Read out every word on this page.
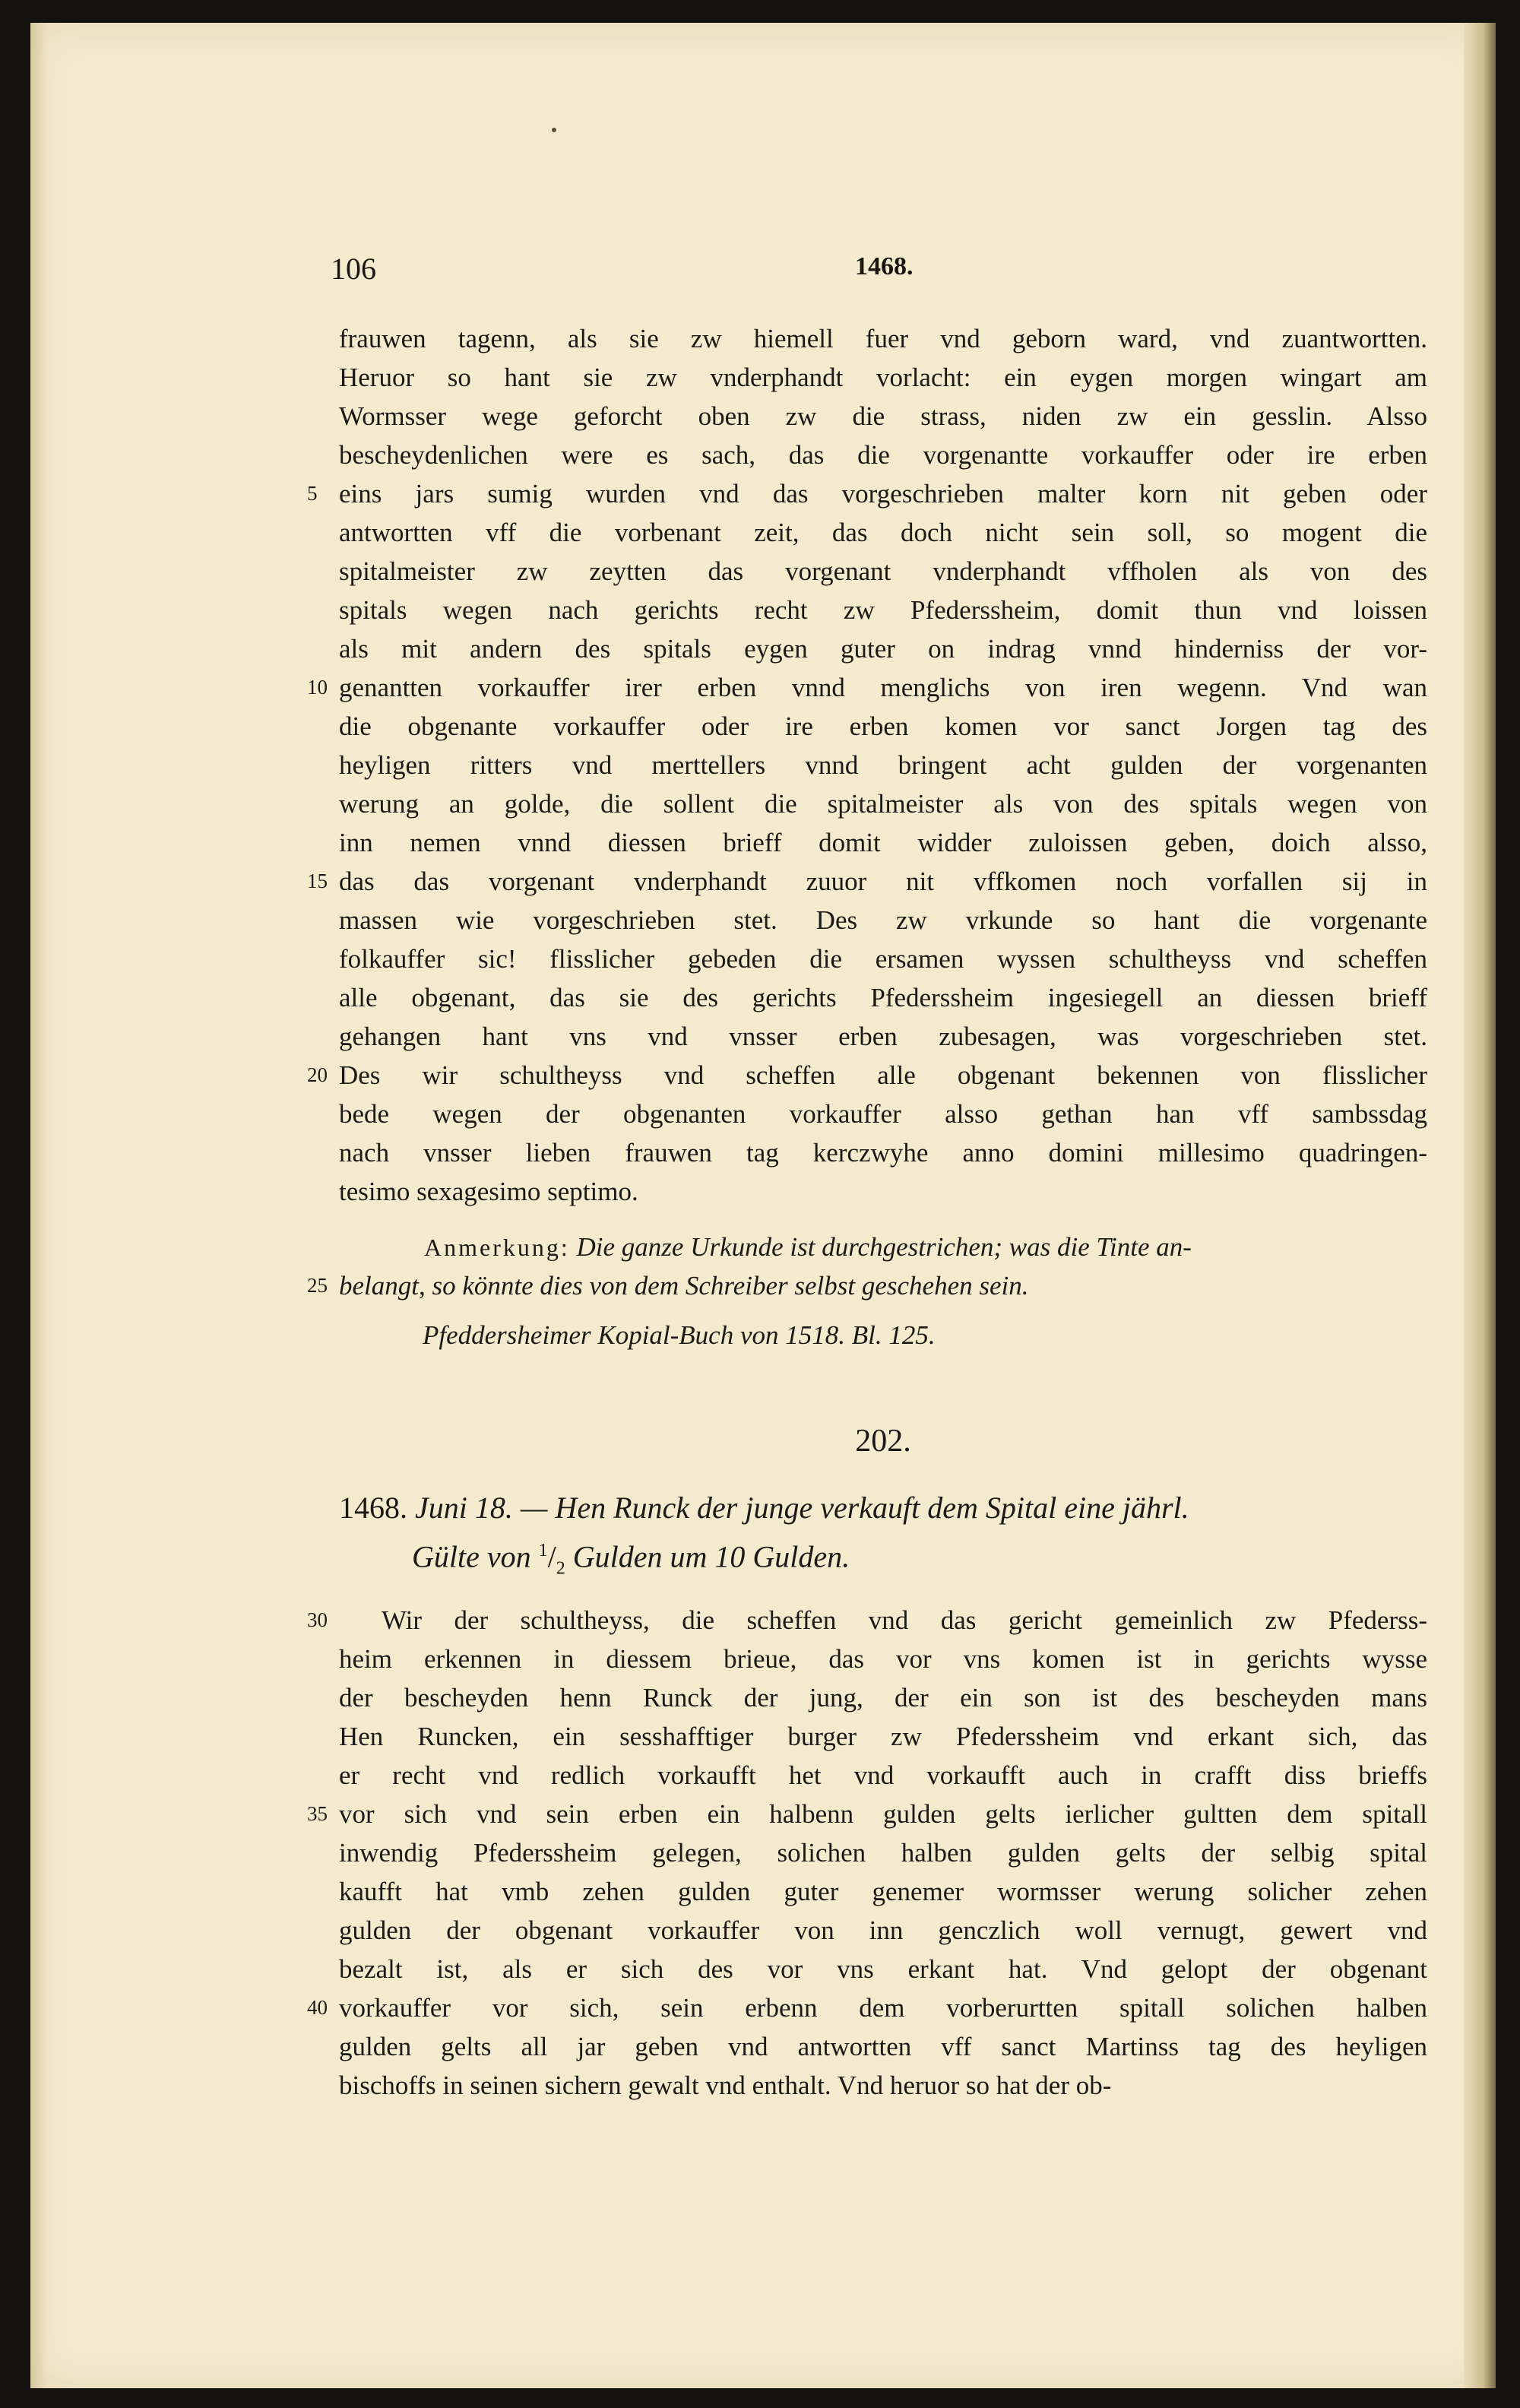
106	1468.
frauwen tagenn, als sie zw hiemell fuer vnd geborn ward, vnd zuantwortten.
Heruor so hant sie zw vnderphandt vorlacht: ein eygen morgen wingart am
Wormsser wege geforcht oben zw die strass, niden zw ein gesslin. Alsso
bescheydenlichen were es sach, das die vorgenantte vorkauffer oder ire erben
5 eins jars sumig wurden vnd das vorgeschrieben malter korn nit geben oder
antwortten vff die vorbenant zeit, das doch nicht sein soll, so mogent die
spitalmeister zw zeytten das vorgenant vnderphandt vffholen als von des
spitals wegen nach gerichts recht zw Pfederssheim, domit thun vnd loissen
als mit andern des spitals eygen guter on indrag vnnd hinderniss der vor-
10 genantten vorkauffer irer erben vnnd menglichs von iren wegenn. Vnd wan
die obgenante vorkauffer oder ire erben komen vor sanct Jorgen tag des
heyligen ritters vnd merttellers vnnd bringent acht gulden der vorgenanten
werung an golde, die sollent die spitalmeister als von des spitals wegen von
inn nemen vnnd diessen brieff domit widder zuloissen geben, doich alsso,
15 das das vorgenant vnderphandt zuuor nit vffkomen noch vorfallen sij in
massen wie vorgeschrieben stet. Des zw vrkunde so hant die vorgenante
folkauffer sic! flisslicher gebeden die ersamen wyssen schultheyss vnd scheffen
alle obgenant, das sie des gerichts Pfederssheim ingesiegell an diessen brieff
gehangen hant vns vnd vnsser erben zubesagen, was vorgeschrieben stet.
20 Des wir schultheyss vnd scheffen alle obgenant bekennen von flisslicher
bede wegen der obgenanten vorkauffer alsso gethan han vff sambssdag
nach vnsser lieben frauwen tag kerczwyhe anno domini millesimo quadringen-
tesimo sexagesimo septimo.
Anmerkung: Die ganze Urkunde ist durchgestrichen; was die Tinte an-
25 belangt, so könnte dies von dem Schreiber selbst geschehen sein.
Pfeddersheimer Kopial-Buch von 1518. Bl. 125.
202.
1468. Juni 18. — Hen Runck der junge verkauft dem Spital eine jährl.
Gülte von $^1/_2$ Gulden um 10 Gulden.
30	Wir der schultheyss, die scheffen vnd das gericht gemeinlich zw Pfederss-
heim erkennen in diessem brieue, das vor vns komen ist in gerichts wysse
der bescheyden henn Runck der jung, der ein son ist des bescheyden mans
Hen Runcken, ein sesshafftiger burger zw Pfederssheim vnd erkant sich, das
er recht vnd redlich vorkaufft het vnd vorkaufft auch in crafft diss brieffs
35 vor sich vnd sein erben ein halbenn gulden gelts ierlicher gultten dem spitall
inwendig Pfederssheim gelegen, solichen halben gulden gelts der selbig spital
kaufft hat vmb zehen gulden guter genemer wormsser werung solicher zehen
gulden der obgenant vorkauffer von inn genczlich woll vernugt, gewert vnd
bezalt ist, als er sich des vor vns erkant hat. Vnd gelopt der obgenant
40 vorkauffer vor sich, sein erbenn dem vorberurtten spitall solichen halben
gulden gelts all jar geben vnd antwortten vff sanct Martinss tag des heyligen
bischoffs in seinen sichern gewalt vnd enthalt. Vnd heruor so hat der ob-
